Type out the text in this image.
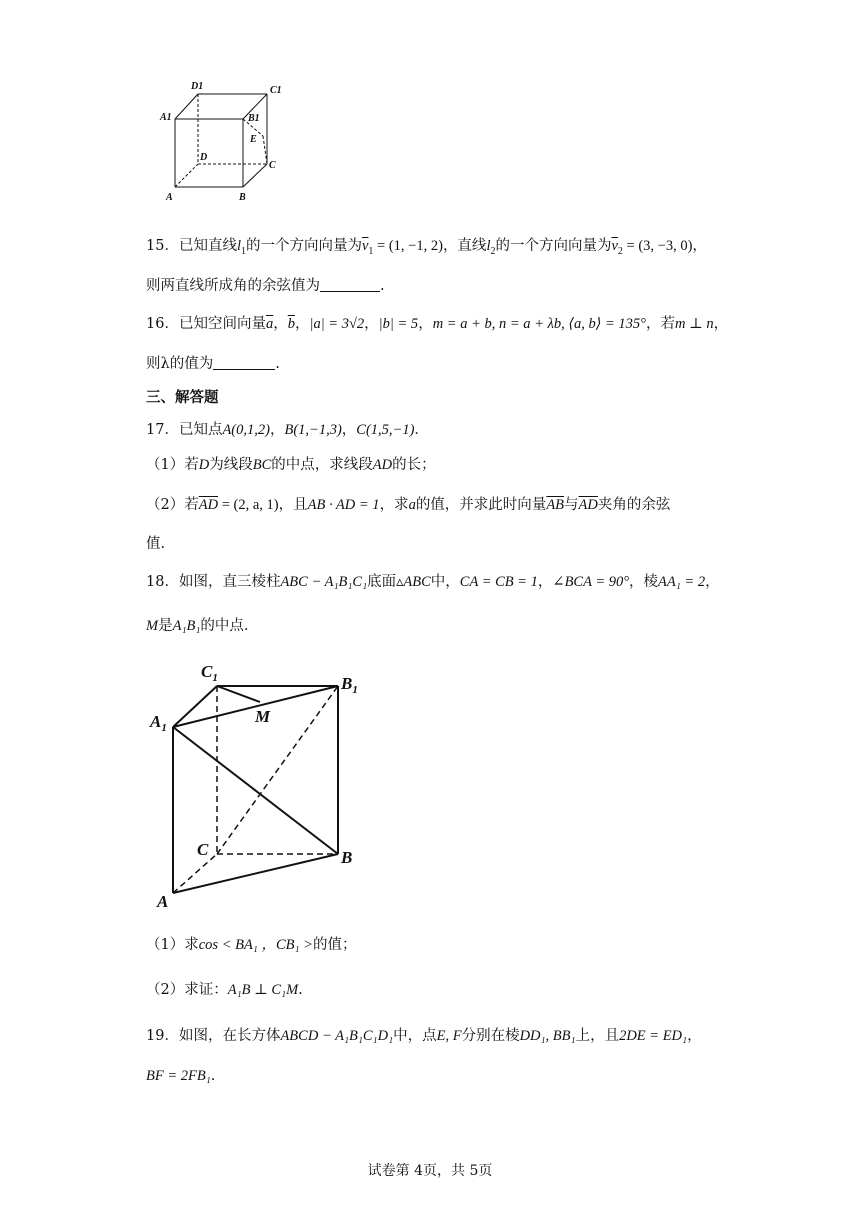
D1	C1
A1	B1
E
D
C
A	B
15．已知直线$l_1$的一个方向向量为$\overline{v}_1 = (1$, −1, 2)，直线$l_2$的一个方向向量为$\overline{v}_2 = (3$, −3, 0)，
则两直线所成角的余弦值为	.
16．已知空间向量$\overline{a}$，$\overline{b}$，|a| = 3√2，|b| = 5，m = a + b, n = a + λb, ⟨a, b⟩ = 135°，若m ⊥ n，
则λ的值为	.
三、解答题
17．已知点A(0,1,2)，B(1,−1,3)，C(1,5,−1)．
（1）若D为线段BC的中点，求线段AD的长；
（2）若$\overline{AD} = (2$, a, 1)，且AB · AD = 1，求a的值，并求此时向量$\overline{AB}$与$\overline{AD}$夹角的余弦
值.
18．如图，直三棱柱ABC − A₁B₁C₁底面▵ABC中，CA = CB = 1，∠BCA = 90°，棱AA₁ = 2，
M是A₁B₁的中点.
$C_1$	$B_1$
$A_1$
M
C	B
A
（1）求cos < BA₁ ，CB₁ >的值；
（2）求证：A₁B ⊥ C₁M.
19．如图，在长方体ABCD − A₁B₁C₁D₁中，点E, F分别在棱DD₁, BB₁上，且2DE = ED₁，
BF = 2FB₁.
试卷第 4页，共 5页
